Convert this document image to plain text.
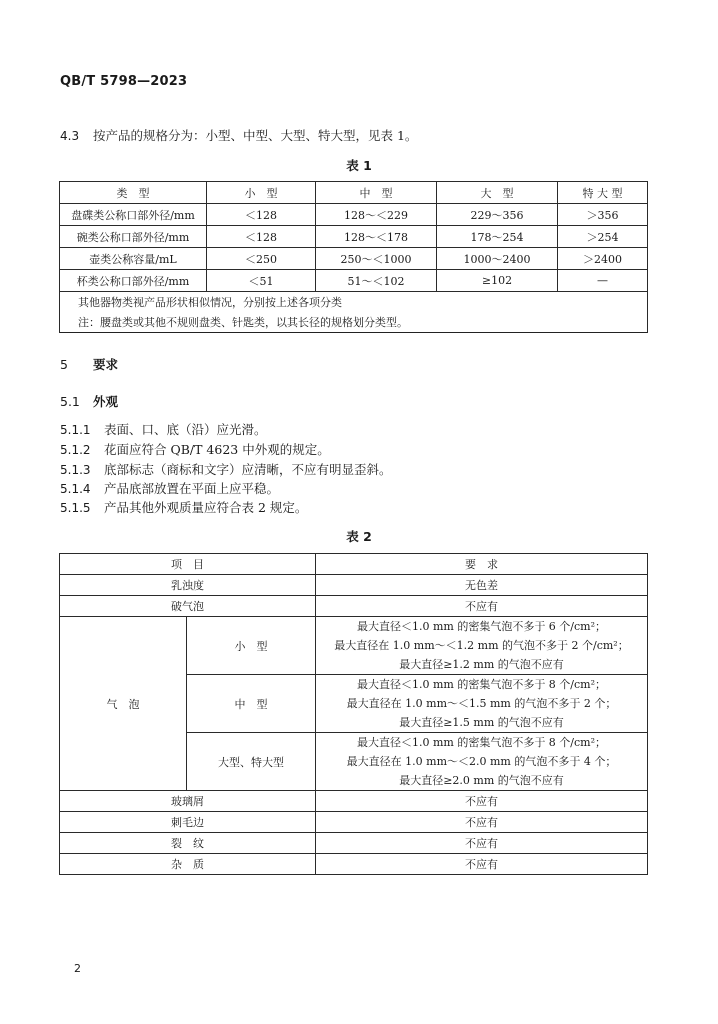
QB/T 5798—2023
4.3 按产品的规格分为：小型、中型、大型、特大型，见表 1。
表 1
类　型	小　型	中　型	大　型	特 大 型
盘碟类公称口部外径/mm	＜128	128～＜229	229～356	＞356
碗类公称口部外径/mm	＜128	128～＜178	178～254	＞254
壶类公称容量/mL	＜250	250～＜1000	1000～2400	＞2400
杯类公称口部外径/mm	＜51	51～＜102	≥102	—
其他器物类视产品形状相似情况，分别按上述各项分类				
注：腰盘类或其他不规则盘类、针匙类，以其长径的规格划分类型。				
5 要求
5.1 外观
5.1.1 表面、口、底（沿）应光滑。
5.1.2 花面应符合 QB/T 4623 中外观的规定。
5.1.3 底部标志（商标和文字）应清晰，不应有明显歪斜。
5.1.4 产品底部放置在平面上应平稳。
5.1.5 产品其他外观质量应符合表 2 规定。
表 2
项　目		要　求
乳浊度		无色差
破气泡		不应有
气　泡	小　型	最大直径＜1.0 mm 的密集气泡不多于 6 个/cm²；
最大直径在 1.0 mm～＜1.2 mm 的气泡不多于 2 个/cm²；
最大直径≥1.2 mm 的气泡不应有

	中　型	最大直径＜1.0 mm 的密集气泡不多于 8 个/cm²；
最大直径在 1.0 mm～＜1.5 mm 的气泡不多于 2 个；
最大直径≥1.5 mm 的气泡不应有

	大型、特大型	最大直径＜1.0 mm 的密集气泡不多于 8 个/cm²；
最大直径在 1.0 mm～＜2.0 mm 的气泡不多于 4 个；
最大直径≥2.0 mm 的气泡不应有

玻璃屑		不应有
刺毛边		不应有
裂　纹		不应有
杂　质		不应有
2
